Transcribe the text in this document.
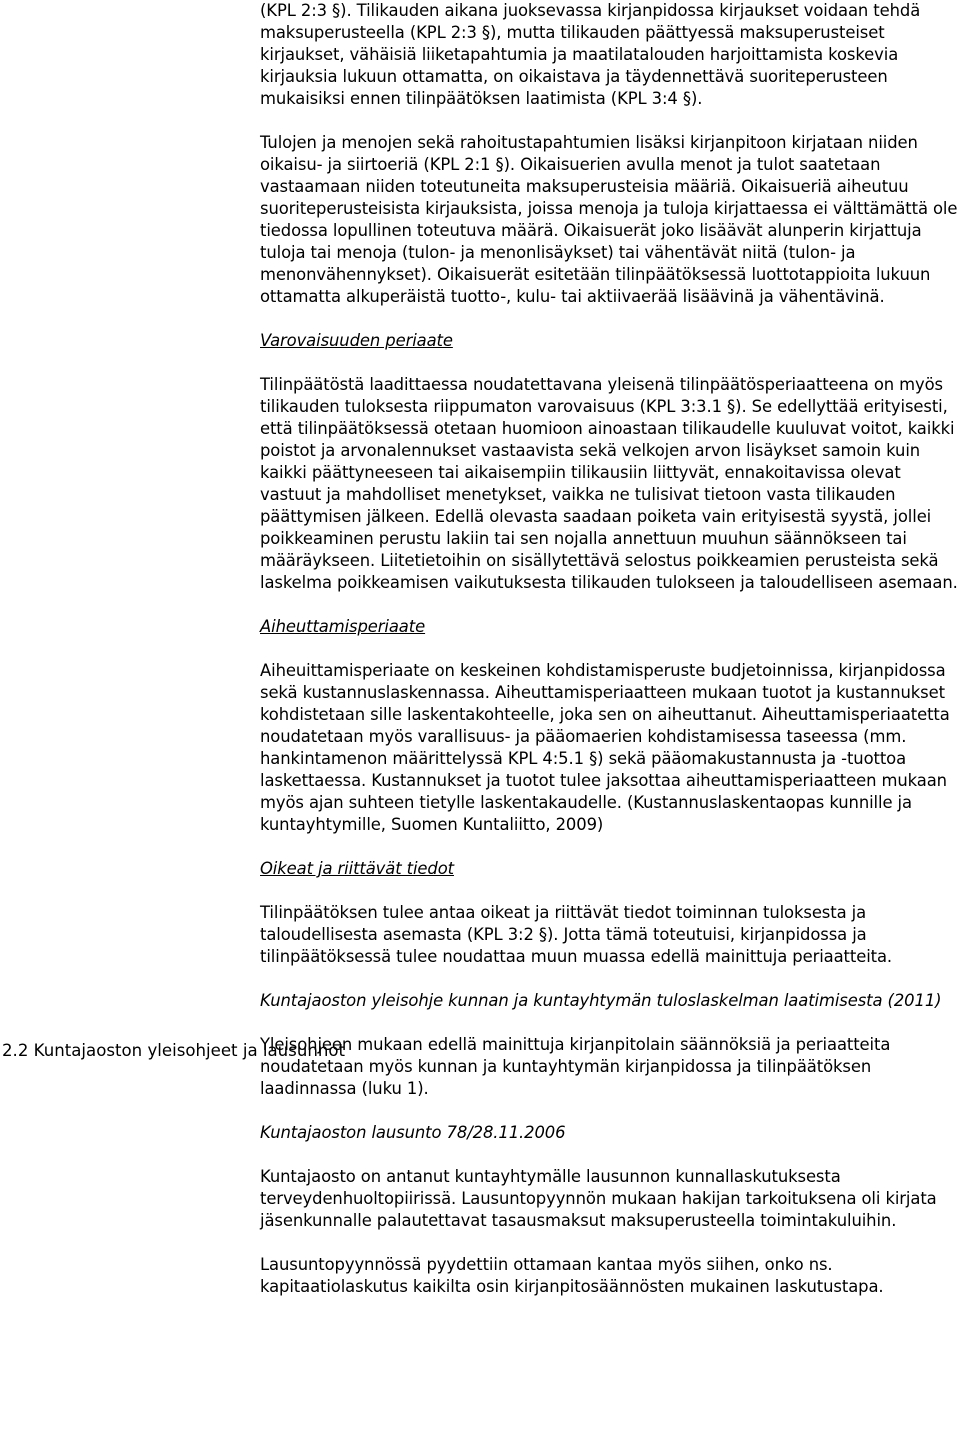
2.2 Kuntajaoston yleisohjeet ja lausunnot

(KPL 2:3 §). Tilikauden aikana juoksevassa kirjanpidossa kirjaukset voidaan tehdä maksuperusteella (KPL 2:3 §), mutta tilikauden päättyessä maksuperusteiset kirjaukset, vähäisiä liiketapahtumia ja maatilatalouden harjoittamista koskevia kirjauksia lukuun ottamatta, on oikaistava ja täydennettävä suoriteperusteen mukaisiksi ennen tilinpäätöksen laatimista (KPL 3:4 §).

Tulojen ja menojen sekä rahoitustapahtumien lisäksi kirjanpitoon kirjataan niiden oikaisu- ja siirtoeriä (KPL 2:1 §). Oikaisuerien avulla menot ja tulot saatetaan vastaamaan niiden toteutuneita maksuperusteisia määriä. Oikaisueriä aiheutuu suoriteperusteisista kirjauksista, joissa menoja ja tuloja kirjattaessa ei välttämättä ole tiedossa lopullinen toteutuva määrä. Oikaisuerät joko lisäävät alunperin kirjattuja tuloja tai menoja (tulon- ja menonlisäykset) tai vähentävät niitä (tulon- ja menonvähennykset). Oikaisuerät esitetään tilinpäätöksessä luottotappioita lukuun ottamatta alkuperäistä tuotto-, kulu- tai aktiivaerää lisäävinä ja vähentävinä.

Varovaisuuden periaate

Tilinpäätöstä laadittaessa noudatettavana yleisenä tilinpäätösperiaatteena on myös tilikauden tuloksesta riippumaton varovaisuus (KPL 3:3.1 §). Se edellyttää erityisesti, että tilinpäätöksessä otetaan huomioon ainoastaan tilikaudelle kuuluvat voitot, kaikki poistot ja arvonalennukset vastaavista sekä velkojen arvon lisäykset samoin kuin kaikki päättyneeseen tai aikaisempiin tilikausiin liittyvät, ennakoitavissa olevat vastuut ja mahdolliset menetykset, vaikka ne tulisivat tietoon vasta tilikauden päättymisen jälkeen. Edellä olevasta saadaan poiketa vain erityisestä syystä, jollei poikkeaminen perustu lakiin tai sen nojalla annettuun muuhun säännökseen tai määräykseen. Liitetietoihin on sisällytettävä selostus poikkeamien perusteista sekä laskelma poikkeamisen vaikutuksesta tilikauden tulokseen ja taloudelliseen asemaan.

Aiheuttamisperiaate

Aiheuittamisperiaate on keskeinen kohdistamisperuste budjetoinnissa, kirjanpidossa sekä kustannuslaskennassa. Aiheuttamisperiaatteen mukaan tuotot ja kustannukset kohdistetaan sille laskentakohteelle, joka sen on aiheuttanut. Aiheuttamisperiaatetta noudatetaan myös varallisuus- ja pääomaerien kohdistamisessa taseessa (mm. hankintamenon määrittelyssä KPL 4:5.1 §) sekä pääomakustannusta ja -tuottoa laskettaessa. Kustannukset ja tuotot tulee jaksottaa aiheuttamisperiaatteen mukaan myös ajan suhteen tietylle laskentakaudelle. (Kustannuslaskentaopas kunnille ja kuntayhtymille, Suomen Kuntaliitto, 2009)

Oikeat ja riittävät tiedot

Tilinpäätöksen tulee antaa oikeat ja riittävät tiedot toiminnan tuloksesta ja taloudellisesta asemasta (KPL 3:2 §). Jotta tämä toteutuisi, kirjanpidossa ja tilinpäätöksessä tulee noudattaa muun muassa edellä mainittuja periaatteita.

Kuntajaoston yleisohje kunnan ja kuntayhtymän tuloslaskelman laatimisesta (2011)

Yleisohjeen mukaan edellä mainittuja kirjanpitolain säännöksiä ja periaatteita noudatetaan myös kunnan ja kuntayhtymän kirjanpidossa ja tilinpäätöksen laadinnassa (luku 1).

Kuntajaoston lausunto 78/28.11.2006

Kuntajaosto on antanut kuntayhtymälle lausunnon kunnallaskutuksesta terveydenhuoltopiirissä. Lausuntopyynnön mukaan hakijan tarkoituksena oli kirjata jäsenkunnalle palautettavat tasausmaksut maksuperusteella toimintakuluihin.

Lausuntopyynnössä pyydettiin ottamaan kantaa myös siihen, onko ns. kapitaatiolaskutus kaikilta osin kirjanpitosäännösten mukainen laskutustapa.
